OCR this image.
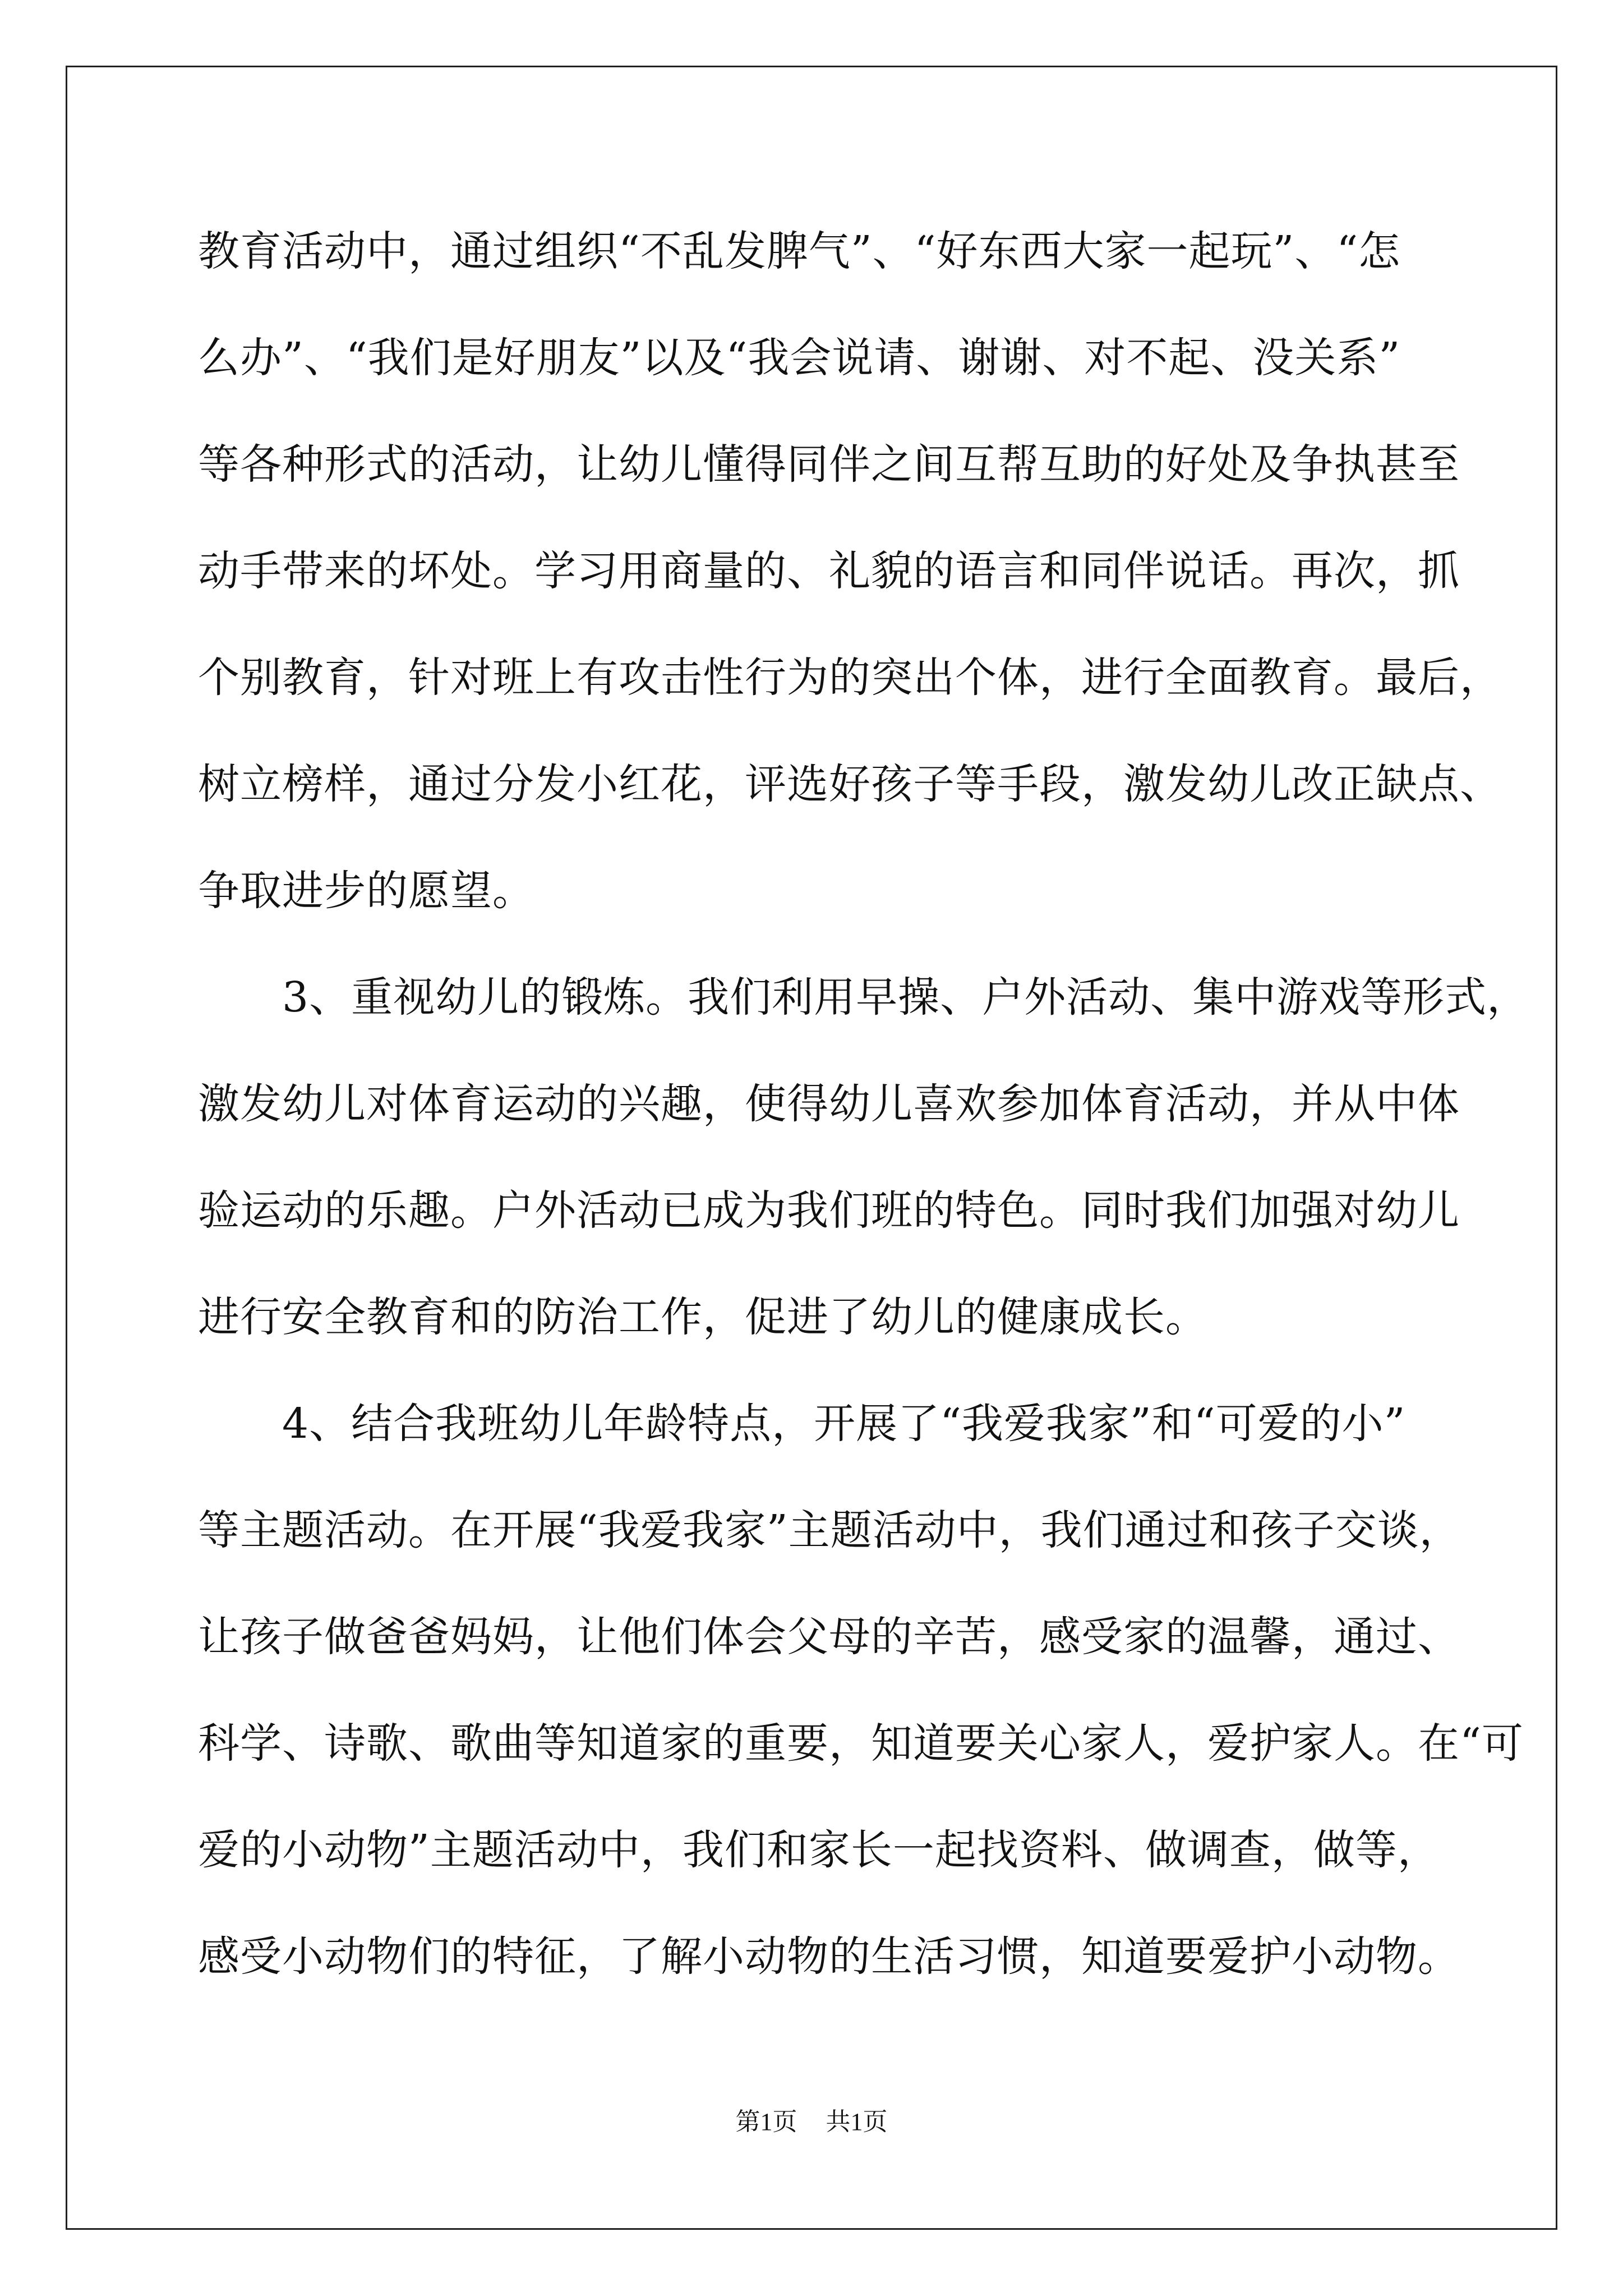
教育活动中，通过组织“不乱发脾气”、“好东西大家一起玩”、“怎
么办”、“我们是好朋友”以及“我会说请、谢谢、对不起、没关系”
等各种形式的活动，让幼儿懂得同伴之间互帮互助的好处及争执甚至
动手带来的坏处。学习用商量的、礼貌的语言和同伴说话。再次，抓
个别教育，针对班上有攻击性行为的突出个体，进行全面教育。最后，
树立榜样，通过分发小红花，评选好孩子等手段，激发幼儿改正缺点、
争取进步的愿望。
3、重视幼儿的锻炼。我们利用早操、户外活动、集中游戏等形式，
激发幼儿对体育运动的兴趣，使得幼儿喜欢参加体育活动，并从中体
验运动的乐趣。户外活动已成为我们班的特色。同时我们加强对幼儿
进行安全教育和的防治工作，促进了幼儿的健康成长。
4、结合我班幼儿年龄特点，开展了“我爱我家”和“可爱的小”
等主题活动。在开展“我爱我家”主题活动中，我们通过和孩子交谈，
让孩子做爸爸妈妈，让他们体会父母的辛苦，感受家的温馨，通过、
科学、诗歌、歌曲等知道家的重要，知道要关心家人，爱护家人。在“可
爱的小动物”主题活动中，我们和家长一起找资料、做调查，做等，
感受小动物们的特征，了解小动物的生活习惯，知道要爱护小动物。
第1页 共1页
